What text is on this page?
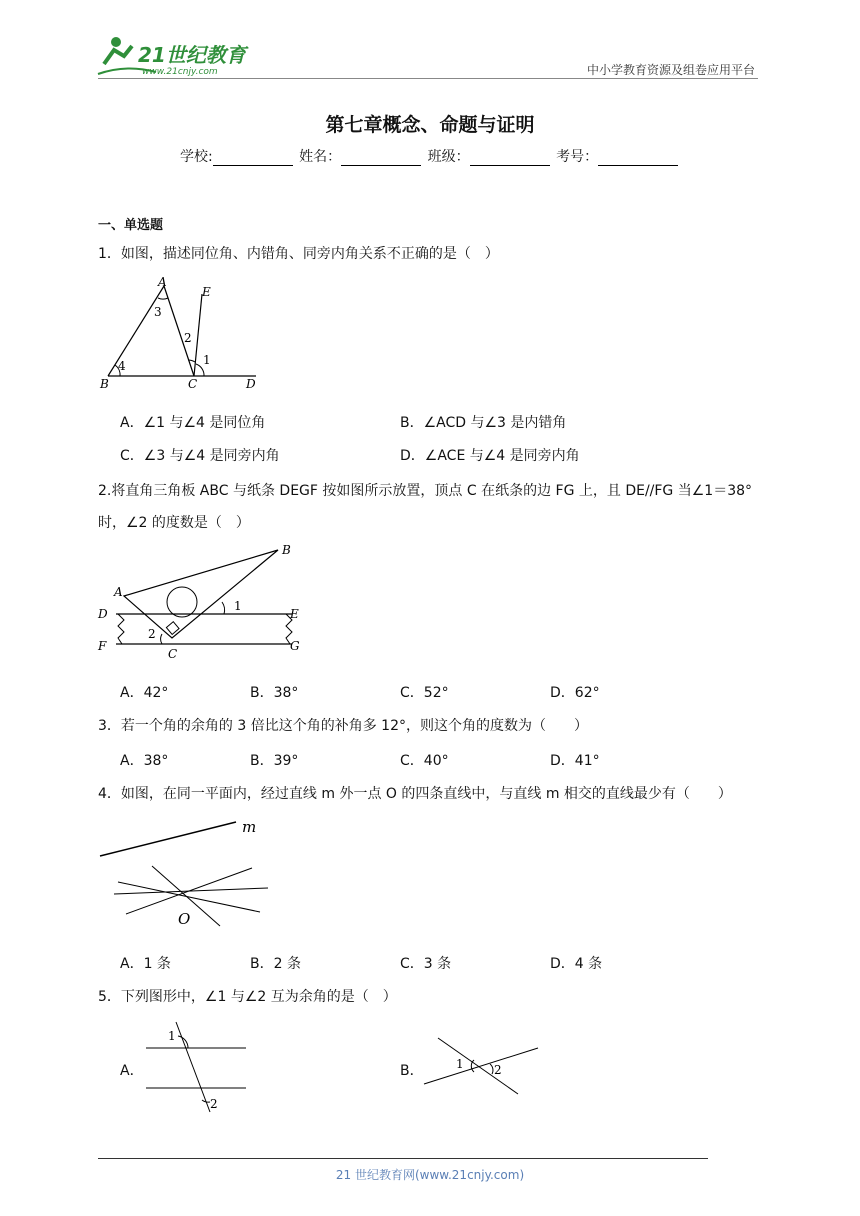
21世纪教育
www.21cnjy.com	中小学教育资源及组卷应用平台
第七章概念、命题与证明
学校:	姓名：	班级：	考号：
一、单选题
1．如图，描述同位角、内错角、同旁内角关系不正确的是（　）
A
E
3
2
1
4
B	C	D
A．∠1 与∠4 是同位角	B．∠ACD 与∠3 是内错角
C．∠3 与∠4 是同旁内角	D．∠ACE 与∠4 是同旁内角
2.将直角三角板 ABC 与纸条 DEGF 按如图所示放置，顶点 C 在纸条的边 FG 上，且 DE//FG 当∠1＝38°
时，∠2 的度数是（　）
B
A
1
D	E
F
2
C
G
A．42°	B．38°	C．52°	D．62°
3．若一个角的余角的 3 倍比这个角的补角多 12°，则这个角的度数为（　　）
A．38°	B．39°	C．40°	D．41°
4．如图，在同一平面内，经过直线 m 外一点 O 的四条直线中，与直线 m 相交的直线最少有（　　）
m
O
A．1 条	B．2 条	C．3 条	D．4 条
5．下列图形中，∠1 与∠2 互为余角的是（　）
A．
1
2
B．	1	2
21 世纪教育网(www.21cnjy.com)
